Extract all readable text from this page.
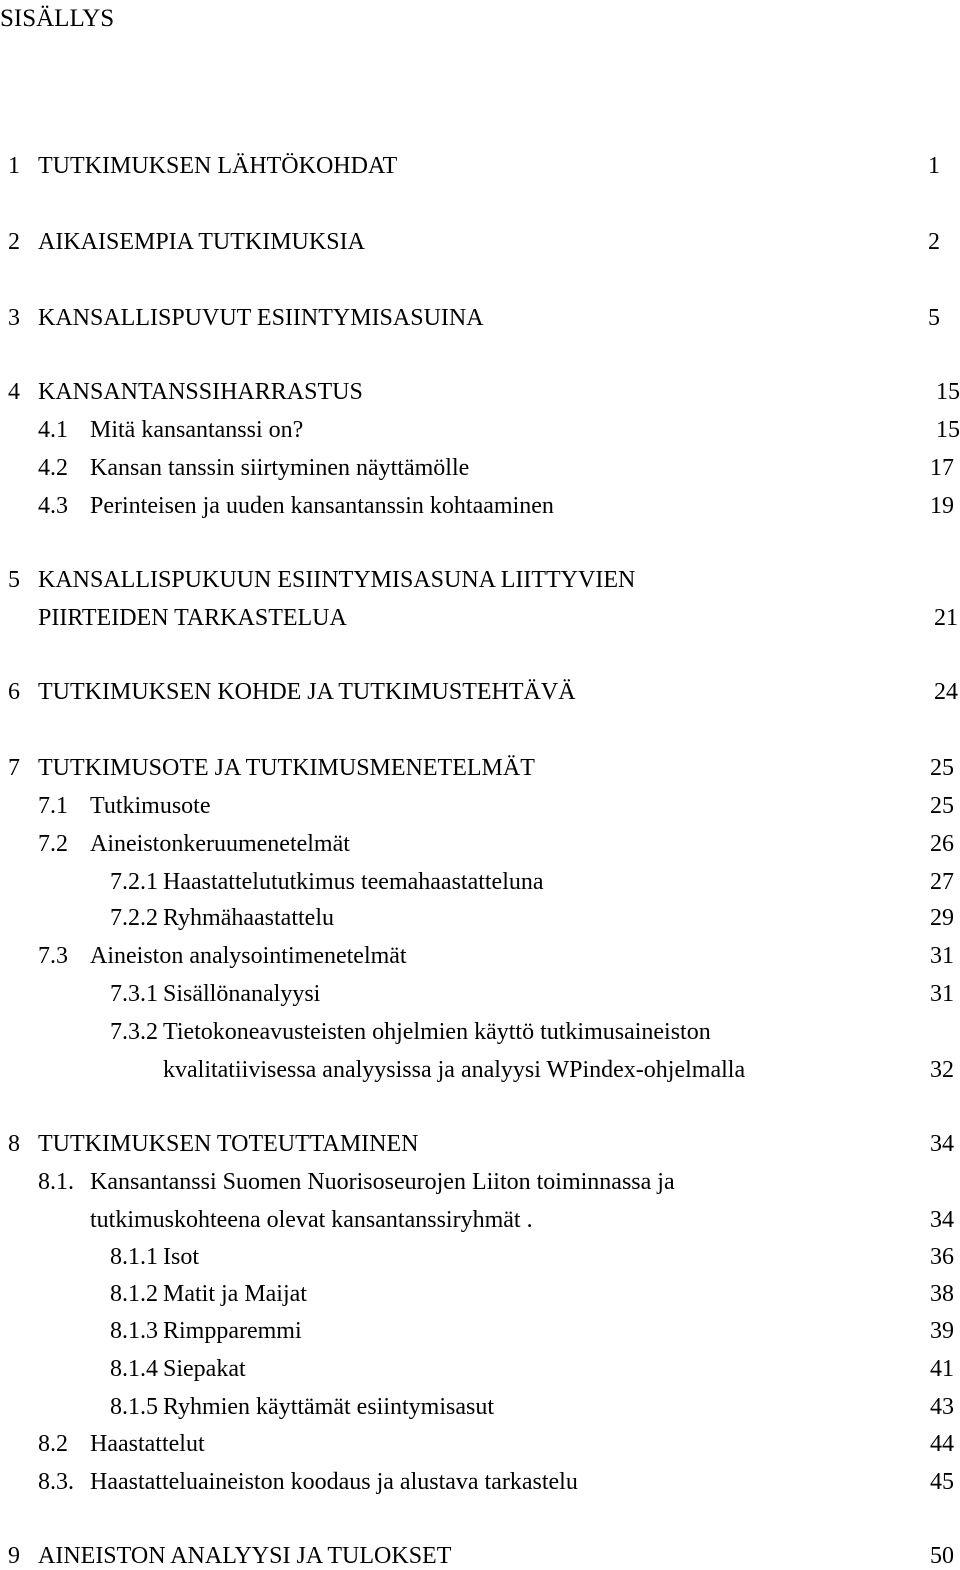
SISÄLLYS
1 TUTKIMUKSEN LÄHTÖKOHDAT	1
2 AIKAISEMPIA TUTKIMUKSIA	2
3 KANSALLISPUVUT ESIINTYMISASUINA	5
4 KANSANTANSSIHARRASTUS	15
4.1 Mitä kansantanssi on?	15
4.2 Kansan tanssin siirtyminen näyttämölle	17
4.3 Perinteisen ja uuden kansantanssin kohtaaminen	19
5 KANSALLISPUKUUN ESIINTYMISASUNA LIITTYVIEN
PIIRTEIDEN TARKASTELUA	21
6 TUTKIMUKSEN KOHDE JA TUTKIMUSTEHTÄVÄ	24
7 TUTKIMUSOTE JA TUTKIMUSMENETELMÄT	25
7.1 Tutkimusote	25
7.2 Aineistonkeruumenetelmät	26
7.2.1 Haastattelututkimus teemahaastatteluna	27
7.2.2 Ryhmähaastattelu	29
7.3 Aineiston analysointimenetelmät	31
7.3.1 Sisällönanalyysi	31
7.3.2 Tietokoneavusteisten ohjelmien käyttö tutkimusaineiston
kvalitatiivisessa analyysissa ja analyysi WPindex-ohjelmalla	32
8 TUTKIMUKSEN TOTEUTTAMINEN	34
8.1. Kansantanssi Suomen Nuorisoseurojen Liiton toiminnassa ja
tutkimuskohteena olevat kansantanssiryhmät .	34
8.1.1 Isot	36
8.1.2 Matit ja Maijat	38
8.1.3 Rimpparemmi	39
8.1.4 Siepakat	41
8.1.5 Ryhmien käyttämät esiintymisasut	43
8.2 Haastattelut	44
8.3. Haastatteluaineiston koodaus ja alustava tarkastelu	45
9 AINEISTON ANALYYSI JA TULOKSET	50
